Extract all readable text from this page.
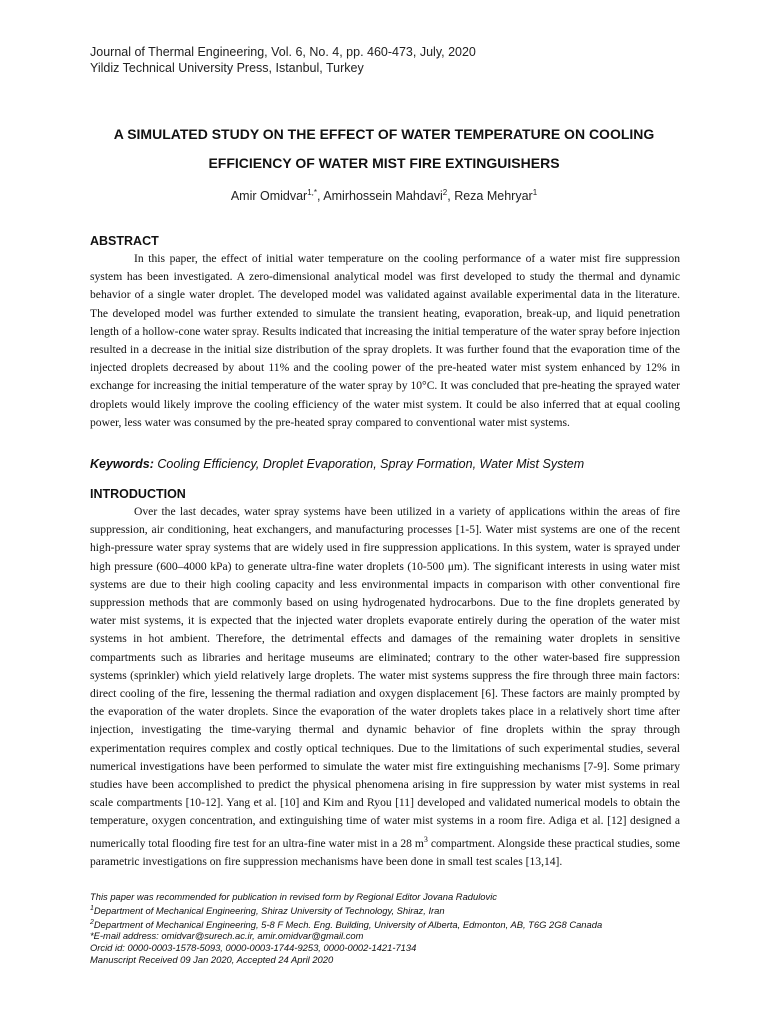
Journal of Thermal Engineering, Vol. 6, No. 4, pp. 460-473, July, 2020
Yildiz Technical University Press, Istanbul, Turkey
A SIMULATED STUDY ON THE EFFECT OF WATER TEMPERATURE ON COOLING
EFFICIENCY OF WATER MIST FIRE EXTINGUISHERS
Amir Omidvar$^{1,*}$, Amirhossein Mahdavi$^2$, Reza Mehryar$^1$
ABSTRACT

In this paper, the effect of initial water temperature on the cooling performance of a water mist fire suppression system has been investigated. A zero-dimensional analytical model was first developed to study the thermal and dynamic behavior of a single water droplet. The developed model was validated against available experimental data in the literature. The developed model was further extended to simulate the transient heating, evaporation, break-up, and liquid penetration length of a hollow-cone water spray. Results indicated that increasing the initial temperature of the water spray before injection resulted in a decrease in the initial size distribution of the spray droplets. It was further found that the evaporation time of the injected droplets decreased by about 11% and the cooling power of the pre-heated water mist system enhanced by 12% in exchange for increasing the initial temperature of the water spray by 10°C. It was concluded that pre-heating the sprayed water droplets would likely improve the cooling efficiency of the water mist system. It could be also inferred that at equal cooling power, less water was consumed by the pre-heated spray compared to conventional water mist systems.

Keywords: Cooling Efficiency, Droplet Evaporation, Spray Formation, Water Mist System
INTRODUCTION

Over the last decades, water spray systems have been utilized in a variety of applications within the areas of fire suppression, air conditioning, heat exchangers, and manufacturing processes [1-5]. Water mist systems are one of the recent high-pressure water spray systems that are widely used in fire suppression applications. In this system, water is sprayed under high pressure (600–4000 kPa) to generate ultra-fine water droplets (10-500 μm). The significant interests in using water mist systems are due to their high cooling capacity and less environmental impacts in comparison with other conventional fire suppression methods that are commonly based on using hydrogenated hydrocarbons. Due to the fine droplets generated by water mist systems, it is expected that the injected water droplets evaporate entirely during the operation of the water mist systems in hot ambient. Therefore, the detrimental effects and damages of the remaining water droplets in sensitive compartments such as libraries and heritage museums are eliminated; contrary to the other water-based fire suppression systems (sprinkler) which yield relatively large droplets. The water mist systems suppress the fire through three main factors: direct cooling of the fire, lessening the thermal radiation and oxygen displacement [6]. These factors are mainly prompted by the evaporation of the water droplets. Since the evaporation of the water droplets takes place in a relatively short time after injection, investigating the time-varying thermal and dynamic behavior of fine droplets within the spray through experimentation requires complex and costly optical techniques. Due to the limitations of such experimental studies, several numerical investigations have been performed to simulate the water mist fire extinguishing mechanisms [7-9]. Some primary studies have been accomplished to predict the physical phenomena arising in fire suppression by water mist systems in real scale compartments [10-12]. Yang et al. [10] and Kim and Ryou [11] developed and validated numerical models to obtain the temperature, oxygen concentration, and extinguishing time of water mist systems in a room fire. Adiga et al. [12] designed a numerically total flooding fire test for an ultra-fine water mist in a 28 $m^3$ compartment. Alongside these practical studies, some parametric investigations on fire suppression mechanisms have been done in small test scales [13,14].

This paper was recommended for publication in revised form by Regional Editor Jovana Radulovic
$^1$Department of Mechanical Engineering, Shiraz University of Technology, Shiraz, Iran
$^2$Department of Mechanical Engineering, 5-8 F Mech. Eng. Building, University of Alberta, Edmonton, AB, T6G 2G8 Canada
*E-mail address: omidvar@surech.ac.ir, amir.omidvar@gmail.com
Orcid id: 0000-0003-1578-5093, 0000-0003-1744-9253, 0000-0002-1421-7134
Manuscript Received 09 Jan 2020, Accepted 24 April 2020
